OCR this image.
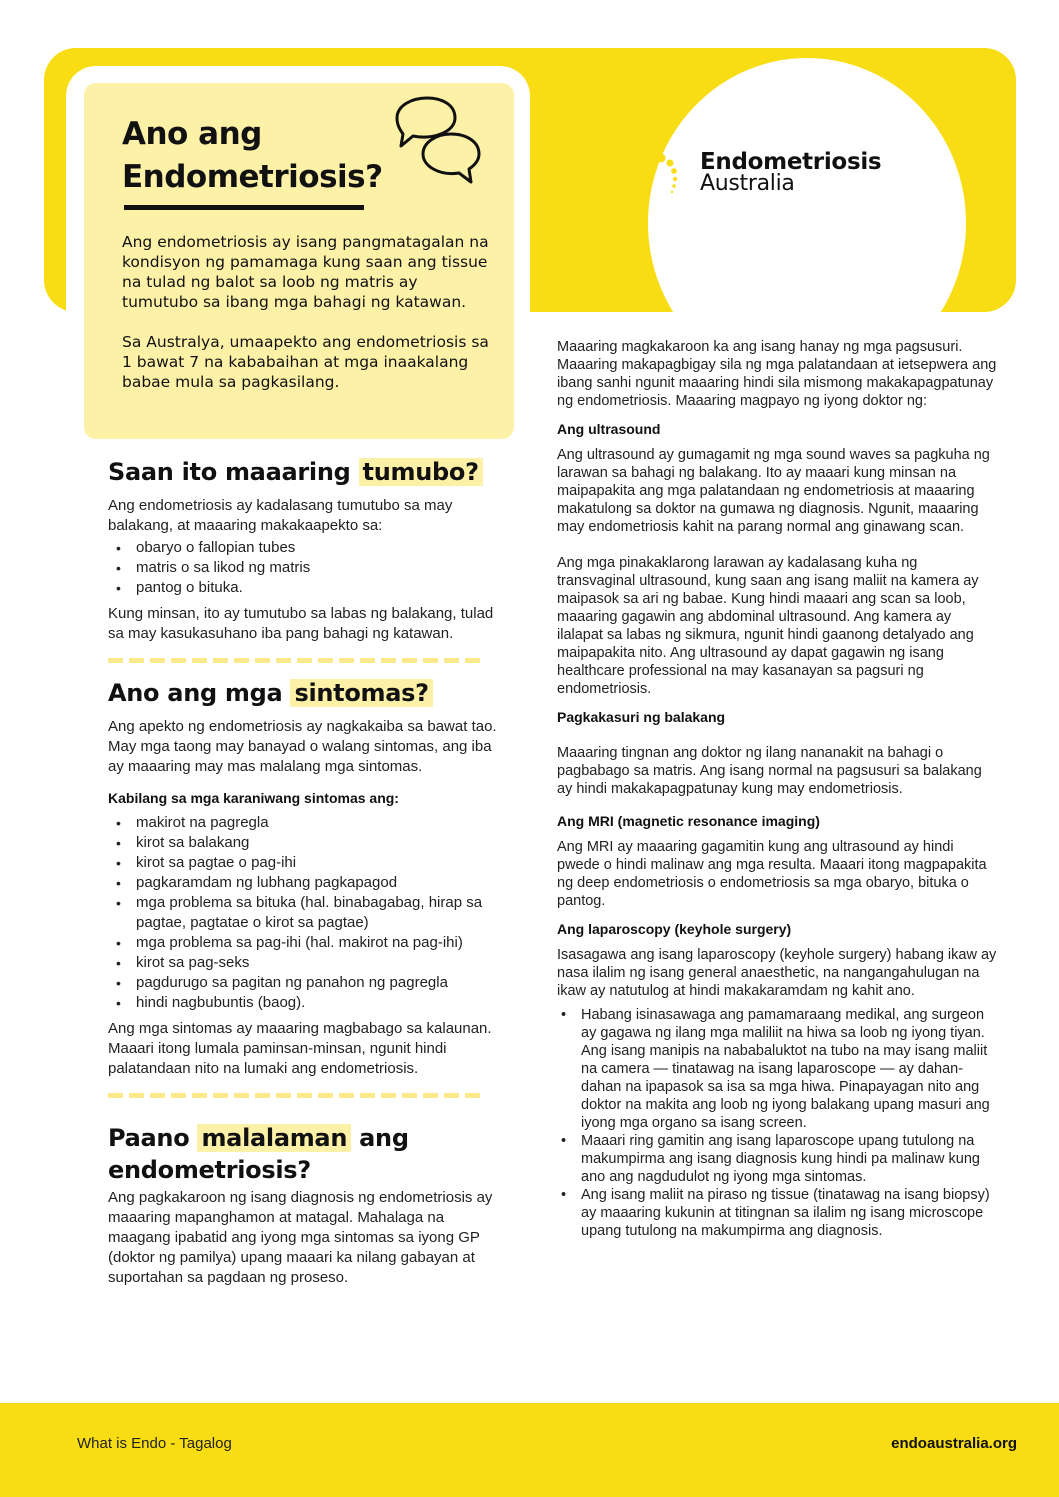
Ano ang
Endometriosis?

Ang endometriosis ay isang pangmatagalan na kondisyon ng pamamaga kung saan ang tissue na tulad ng balot sa loob ng matris ay tumutubo sa ibang mga bahagi ng katawan.

Sa Australya, umaapekto ang endometriosis sa 1 bawat 7 na kababaihan at mga inaakalang babae mula sa pagkasilang.

Endometriosis
Australia
Saan ito maaaring tumubo?

Ang endometriosis ay kadalasang tumutubo sa may balakang, at maaaring makakaapekto sa:

• obaryo o fallopian tubes
• matris o sa likod ng matris
• pantog o bituka.

Kung minsan, ito ay tumutubo sa labas ng balakang, tulad sa may kasukasuhano iba pang bahagi ng katawan.

Ano ang mga sintomas?

Ang apekto ng endometriosis ay nagkakaiba sa bawat tao. May mga taong may banayad o walang sintomas, ang iba ay maaaring may mas malalang mga sintomas.

Kabilang sa mga karaniwang sintomas ang:

• makirot na pagregla
• kirot sa balakang
• kirot sa pagtae o pag-ihi
• pagkaramdam ng lubhang pagkapagod
• mga problema sa bituka (hal. binabagabag, hirap sa pagtae, pagtatae o kirot sa pagtae)
• mga problema sa pag-ihi (hal. makirot na pag-ihi)
• kirot sa pag-seks
• pagdurugo sa pagitan ng panahon ng pagregla
• hindi nagbubuntis (baog).

Ang mga sintomas ay maaaring magbabago sa kalaunan. Maaari itong lumala paminsan-minsan, ngunit hindi palatandaan nito na lumaki ang endometriosis.

Paano malalaman ang endometriosis?

Ang pagkakaroon ng isang diagnosis ng endometriosis ay maaaring mapanghamon at matagal. Mahalaga na maagang ipabatid ang iyong mga sintomas sa iyong GP (doktor ng pamilya) upang maaari ka nilang gabayan at suportahan sa pagdaan ng proseso.

Maaaring magkakaroon ka ang isang hanay ng mga pagsusuri. Maaaring makapagbigay sila ng mga palatandaan at ietsepwera ang ibang sanhi ngunit maaaring hindi sila mismong makakapagpatunay ng endometriosis. Maaaring magpayo ng iyong doktor ng:

Ang ultrasound

Ang ultrasound ay gumagamit ng mga sound waves sa pagkuha ng larawan sa bahagi ng balakang. Ito ay maaari kung minsan na maipapakita ang mga palatandaan ng endometriosis at maaaring makatulong sa doktor na gumawa ng diagnosis. Ngunit, maaaring may endometriosis kahit na parang normal ang ginawang scan.

Ang mga pinakaklarong larawan ay kadalasang kuha ng transvaginal ultrasound, kung saan ang isang maliit na kamera ay maipasok sa ari ng babae. Kung hindi maaari ang scan sa loob, maaaring gagawin ang abdominal ultrasound. Ang kamera ay ilalapat sa labas ng sikmura, ngunit hindi gaanong detalyado ang maipapakita nito. Ang ultrasound ay dapat gagawin ng isang healthcare professional na may kasanayan sa pagsuri ng endometriosis.

Pagkakasuri ng balakang

Maaaring tingnan ang doktor ng ilang nananakit na bahagi o pagbabago sa matris. Ang isang normal na pagsusuri sa balakang ay hindi makakapagpatunay kung may endometriosis.

Ang MRI (magnetic resonance imaging)

Ang MRI ay maaaring gagamitin kung ang ultrasound ay hindi pwede o hindi malinaw ang mga resulta. Maaari itong magpapakita ng deep endometriosis o endometriosis sa mga obaryo, bituka o pantog.

Ang laparoscopy (keyhole surgery)

Isasagawa ang isang laparoscopy (keyhole surgery) habang ikaw ay nasa ilalim ng isang general anaesthetic, na nangangahulugan na ikaw ay natutulog at hindi makakaramdam ng kahit ano.

• Habang isinasawaga ang pamamaraang medikal, ang surgeon ay gagawa ng ilang mga maliliit na hiwa sa loob ng iyong tiyan. Ang isang manipis na nababaluktot na tubo na may isang maliit na camera — tinatawag na isang laparoscope — ay dahan-dahan na ipapasok sa isa sa mga hiwa. Pinapayagan nito ang doktor na makita ang loob ng iyong balakang upang masuri ang iyong mga organo sa isang screen.
• Maaari ring gamitin ang isang laparoscope upang tutulong na makumpirma ang isang diagnosis kung hindi pa malinaw kung ano ang nagdudulot ng iyong mga sintomas.
• Ang isang maliit na piraso ng tissue (tinatawag na isang biopsy) ay maaaring kukunin at titingnan sa ilalim ng isang microscope upang tutulong na makumpirma ang diagnosis.
What is Endo - Tagalog	endoaustralia.org
